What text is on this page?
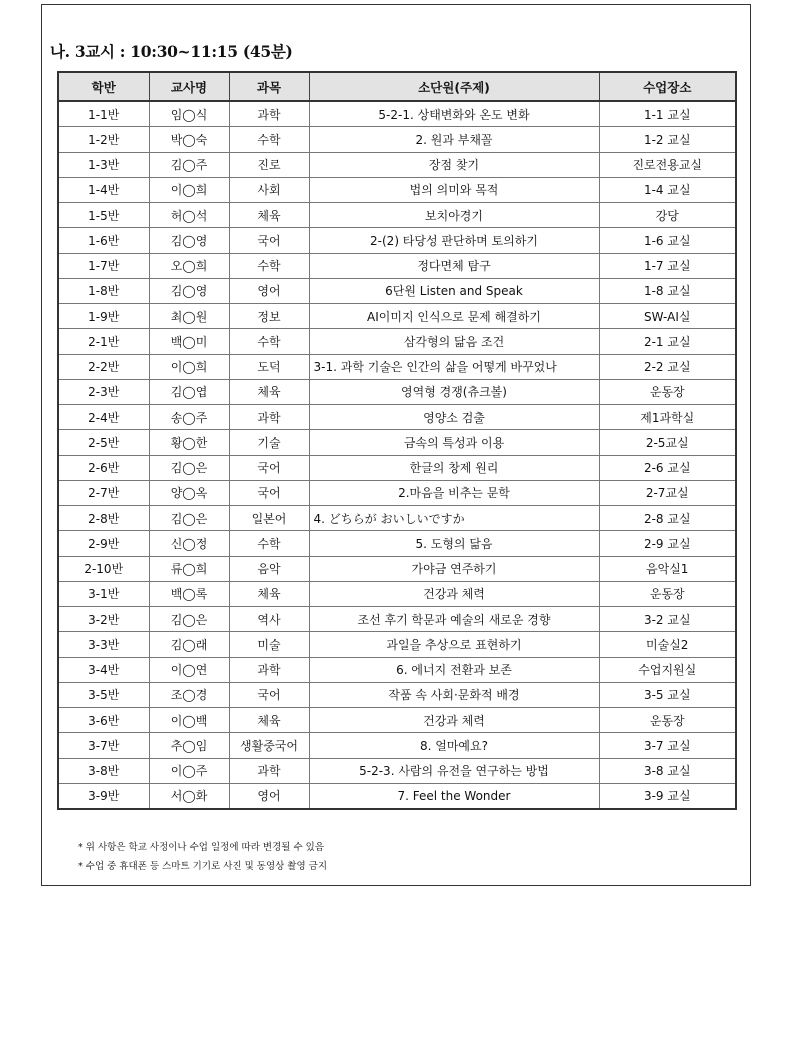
나. 3교시 : 10:30~11:15 (45분)
학반	교사명	과목	소단원(주제)	수업장소
1-1반	임◯식	과학	5-2-1. 상태변화와 온도 변화	1-1 교실
1-2반	박◯숙	수학	2. 원과 부채꼴	1-2 교실
1-3반	김◯주	진로	장점 찾기	진로전용교실
1-4반	이◯희	사회	법의 의미와 목적	1-4 교실
1-5반	허◯석	체육	보치아경기	강당
1-6반	김◯영	국어	2-(2) 타당성 판단하며 토의하기	1-6 교실
1-7반	오◯희	수학	정다면체 탐구	1-7 교실
1-8반	김◯영	영어	6단원 Listen and Speak	1-8 교실
1-9반	최◯원	정보	AI이미지 인식으로 문제 해결하기	SW-AI실
2-1반	백◯미	수학	삼각형의 닮음 조건	2-1 교실
2-2반	이◯희	도덕	3-1. 과학 기술은 인간의 삶을 어떻게 바꾸었나	2-2 교실
2-3반	김◯엽	체육	영역형 경쟁(츄크볼)	운동장
2-4반	송◯주	과학	영양소 검출	제1과학실
2-5반	황◯한	기술	금속의 특성과 이용	2-5교실
2-6반	김◯은	국어	한글의 창제 원리	2-6 교실
2-7반	양◯옥	국어	2.마음을 비추는 문학	2-7교실
2-8반	김◯은	일본어	4. どちらが おいしいですか	2-8 교실
2-9반	신◯정	수학	5. 도형의 닮음	2-9 교실
2-10반	류◯희	음악	가야금 연주하기	음악실1
3-1반	백◯록	체육	건강과 체력	운동장
3-2반	김◯은	역사	조선 후기 학문과 예술의 새로운 경향	3-2 교실
3-3반	김◯래	미술	과일을 추상으로 표현하기	미술실2
3-4반	이◯연	과학	6. 에너지 전환과 보존	수업지원실
3-5반	조◯경	국어	작품 속 사회·문화적 배경	3-5 교실
3-6반	이◯백	체육	건강과 체력	운동장
3-7반	추◯임	생활중국어	8. 얼마예요?	3-7 교실
3-8반	이◯주	과학	5-2-3. 사람의 유전을 연구하는 방법	3-8 교실
3-9반	서◯화	영어	7. Feel the Wonder	3-9 교실
* 위 사항은 학교 사정이나 수업 일정에 따라 변경될 수 있음
* 수업 중 휴대폰 등 스마트 기기로 사진 및 동영상 촬영 금지
